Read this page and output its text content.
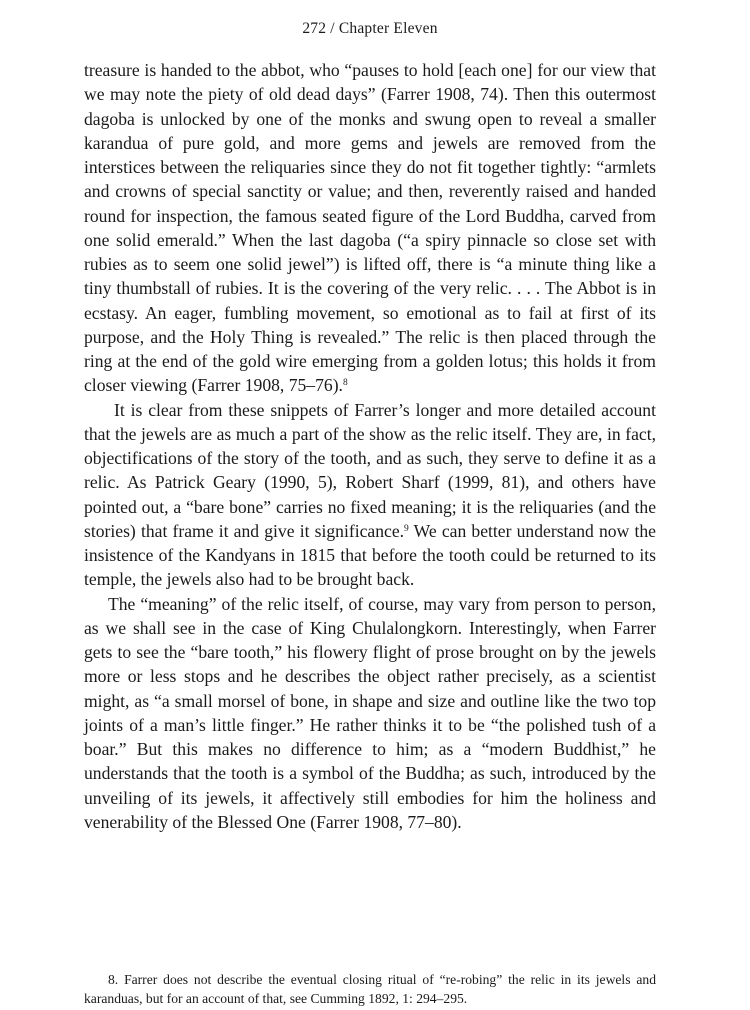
272 / Chapter Eleven

treasure is handed to the abbot, who “pauses to hold [each one] for our view that we may note the piety of old dead days” (Farrer 1908, 74). Then this outermost dagoba is unlocked by one of the monks and swung open to reveal a smaller karandua of pure gold, and more gems and jewels are removed from the interstices between the reliquaries since they do not fit together tightly: “armlets and crowns of special sanctity or value; and then, reverently raised and handed round for inspection, the famous seated figure of the Lord Buddha, carved from one solid emerald.” When the last dagoba (“a spiry pinnacle so close set with rubies as to seem one solid jewel”) is lifted off, there is “a minute thing like a tiny thumbstall of rubies. It is the covering of the very relic. . . . The Abbot is in ecstasy. An eager, fumbling movement, so emotional as to fail at first of its purpose, and the Holy Thing is revealed.” The relic is then placed through the ring at the end of the gold wire emerging from a golden lotus; this holds it from closer viewing (Farrer 1908, 75–76).$^8$

It is clear from these snippets of Farrer’s longer and more detailed account that the jewels are as much a part of the show as the relic itself. They are, in fact, objectifications of the story of the tooth, and as such, they serve to define it as a relic. As Patrick Geary (1990, 5), Robert Sharf (1999, 81), and others have pointed out, a “bare bone” carries no fixed meaning; it is the reliquaries (and the stories) that frame it and give it significance.$^9$ We can better understand now the insistence of the Kandyans in 1815 that before the tooth could be returned to its temple, the jewels also had to be brought back.

The “meaning” of the relic itself, of course, may vary from person to person, as we shall see in the case of King Chulalongkorn. Interestingly, when Farrer gets to see the “bare tooth,” his flowery flight of prose brought on by the jewels more or less stops and he describes the object rather precisely, as a scientist might, as “a small morsel of bone, in shape and size and outline like the two top joints of a man’s little finger.” He rather thinks it to be “the polished tush of a boar.” But this makes no difference to him; as a “modern Buddhist,” he understands that the tooth is a symbol of the Buddha; as such, introduced by the unveiling of its jewels, it affectively still embodies for him the holiness and venerability of the Blessed One (Farrer 1908, 77–80).

8. Farrer does not describe the eventual closing ritual of “re-robing” the relic in its jewels and karanduas, but for an account of that, see Cumming 1892, 1: 294–295.
